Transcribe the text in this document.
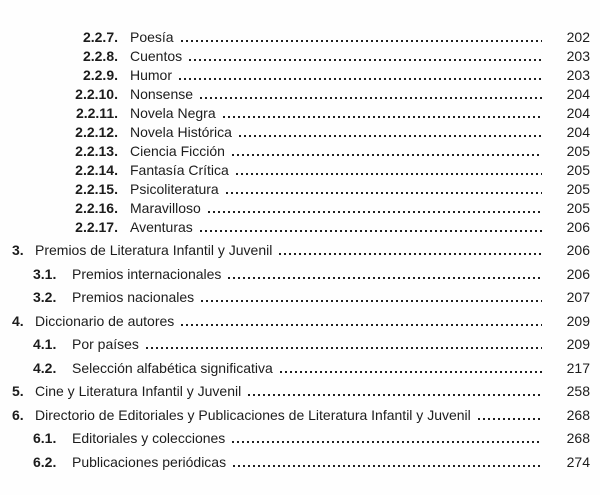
2.2.7. Poesía	202
2.2.8. Cuentos	203
2.2.9. Humor	203
2.2.10. Nonsense	204
2.2.11. Novela Negra	204
2.2.12. Novela Histórica	204
2.2.13. Ciencia Ficción	205
2.2.14. Fantasía Crítica	205
2.2.15. Psicoliteratura	205
2.2.16. Maravilloso	205
2.2.17. Aventuras	206
3. Premios de Literatura Infantil y Juvenil	206
3.1.	Premios internacionales	206
3.2.	Premios nacionales	207
4. Diccionario de autores	209
4.1.	Por países	209
4.2.	Selección alfabética significativa	217
5. Cine y Literatura Infantil y Juvenil	258
6. Directorio de Editoriales y Publicaciones de Literatura Infantil y Juvenil	268
6.1.	Editoriales y colecciones	268
6.2.	Publicaciones periódicas	274
